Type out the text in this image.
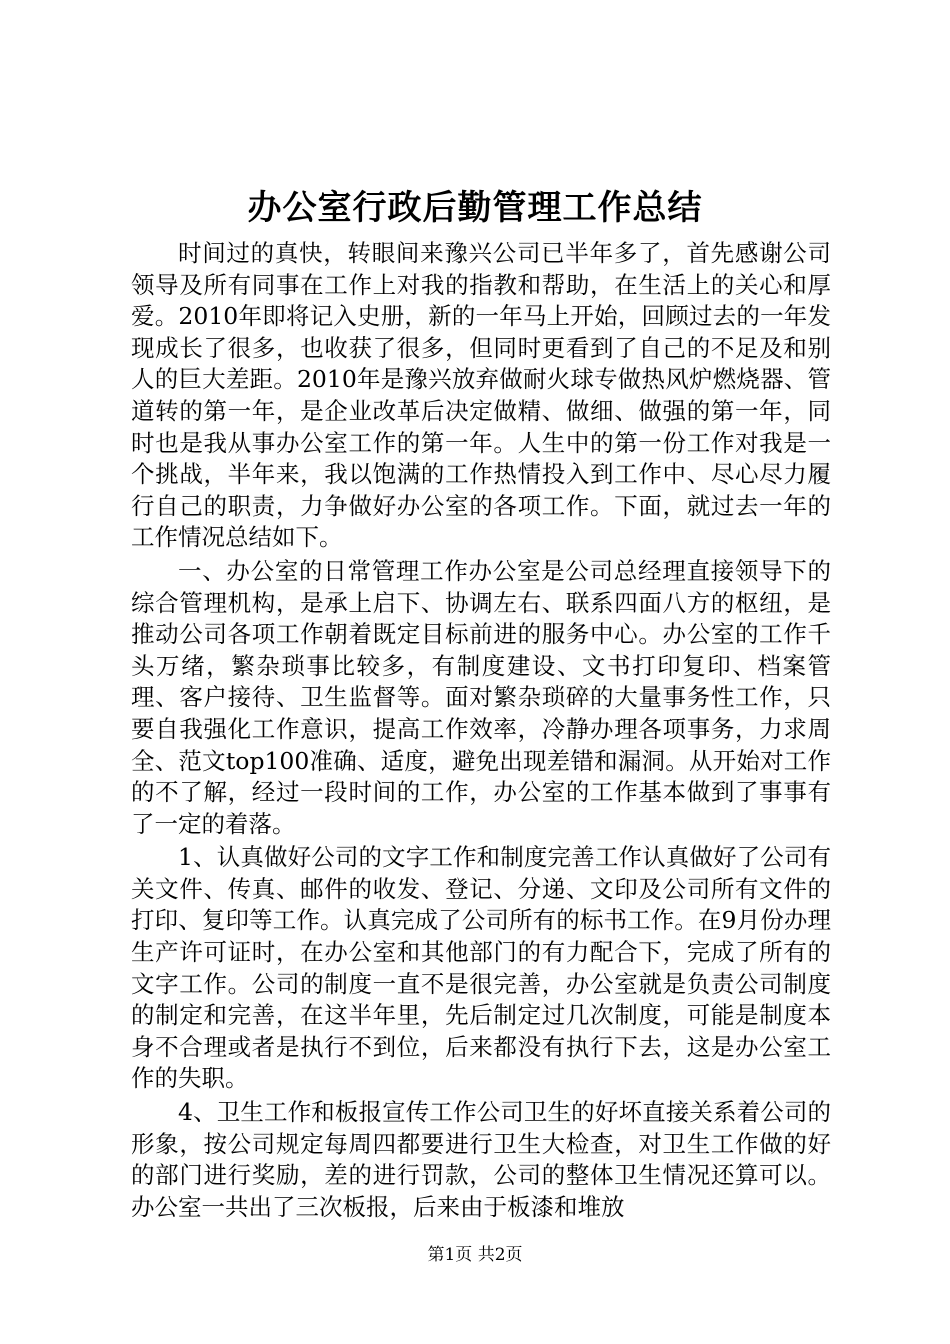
办公室行政后勤管理工作总结

时间过的真快，转眼间来豫兴公司已半年多了，首先感谢公司领导及所有同事在工作上对我的指教和帮助，在生活上的关心和厚爱。2010年即将记入史册，新的一年马上开始，回顾过去的一年发现成长了很多，也收获了很多，但同时更看到了自己的不足及和别人的巨大差距。2010年是豫兴放弃做耐火球专做热风炉燃烧器、管道转的第一年，是企业改革后决定做精、做细、做强的第一年，同时也是我从事办公室工作的第一年。人生中的第一份工作对我是一个挑战，半年来，我以饱满的工作热情投入到工作中、尽心尽力履行自己的职责，力争做好办公室的各项工作。下面，就过去一年的工作情况总结如下。

一、办公室的日常管理工作办公室是公司总经理直接领导下的综合管理机构，是承上启下、协调左右、联系四面八方的枢纽，是推动公司各项工作朝着既定目标前进的服务中心。办公室的工作千头万绪，繁杂琐事比较多，有制度建设、文书打印复印、档案管理、客户接待、卫生监督等。面对繁杂琐碎的大量事务性工作，只要自我强化工作意识，提高工作效率，冷静办理各项事务，力求周全、范文top100准确、适度，避免出现差错和漏洞。从开始对工作的不了解，经过一段时间的工作，办公室的工作基本做到了事事有了一定的着落。

1、认真做好公司的文字工作和制度完善工作认真做好了公司有关文件、传真、邮件的收发、登记、分递、文印及公司所有文件的打印、复印等工作。认真完成了公司所有的标书工作。在9月份办理生产许可证时，在办公室和其他部门的有力配合下，完成了所有的文字工作。公司的制度一直不是很完善，办公室就是负责公司制度的制定和完善，在这半年里，先后制定过几次制度，可能是制度本身不合理或者是执行不到位，后来都没有执行下去，这是办公室工作的失职。

4、卫生工作和板报宣传工作公司卫生的好坏直接关系着公司的形象，按公司规定每周四都要进行卫生大检查，对卫生工作做的好的部门进行奖励，差的进行罚款，公司的整体卫生情况还算可以。办公室一共出了三次板报，后来由于板漆和堆放

第1页 共2页
